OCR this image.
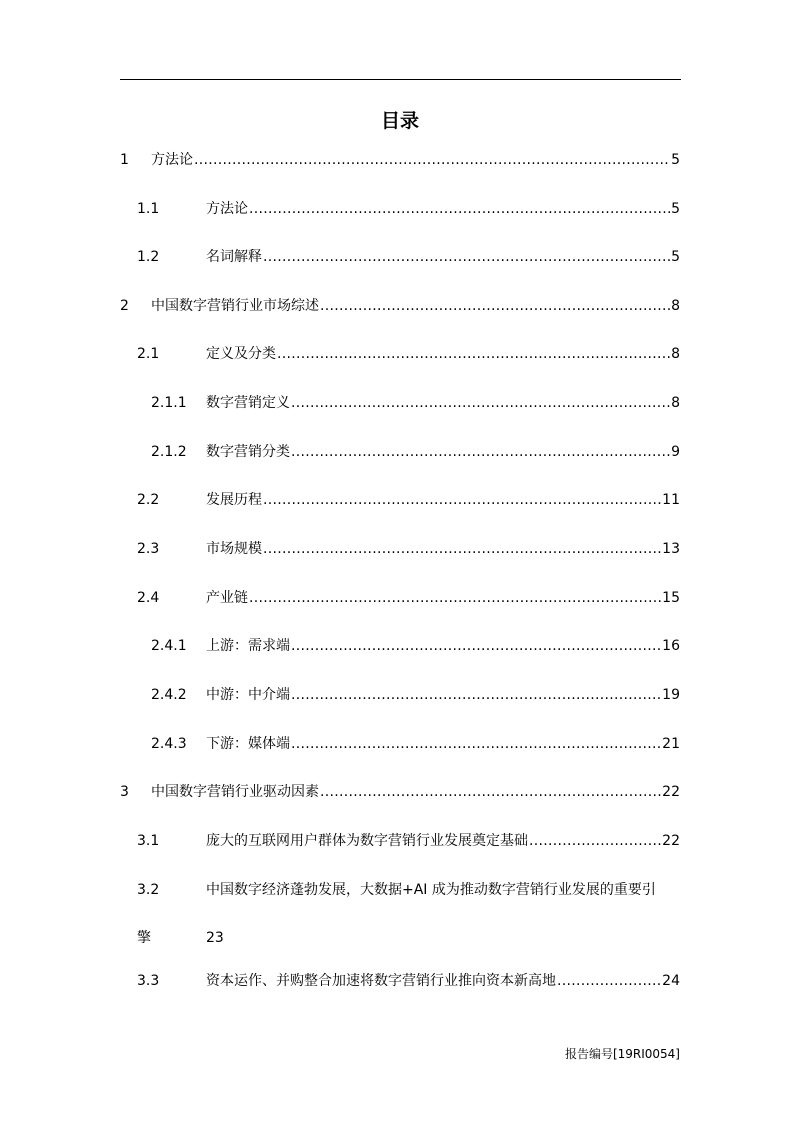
目录
1 方法论 .....	5
1.1	方法论 .....	5
1.2	名词解释 .....	5
2 中国数字营销行业市场综述 .....	8
2.1	定义及分类 .....	8
2.1.1 数字营销定义 .....	8
2.1.2 数字营销分类 .....	9
2.2	发展历程 .....	11
2.3	市场规模 .....	13
2.4	产业链 .....	15
2.4.1 上游：需求端 .....	16
2.4.2 中游：中介端 .....	19
2.4.3 下游：媒体端 .....	21
3 中国数字营销行业驱动因素 .....	22
3.1	庞大的互联网用户群体为数字营销行业发展奠定基础 .....	22
3.2	中国数字经济蓬勃发展，大数据+AI 成为推动数字营销行业发展的重要引
擎	23
3.3	资本运作、并购整合加速将数字营销行业推向资本新高地 .....	24
报告编号[19RI0054]
